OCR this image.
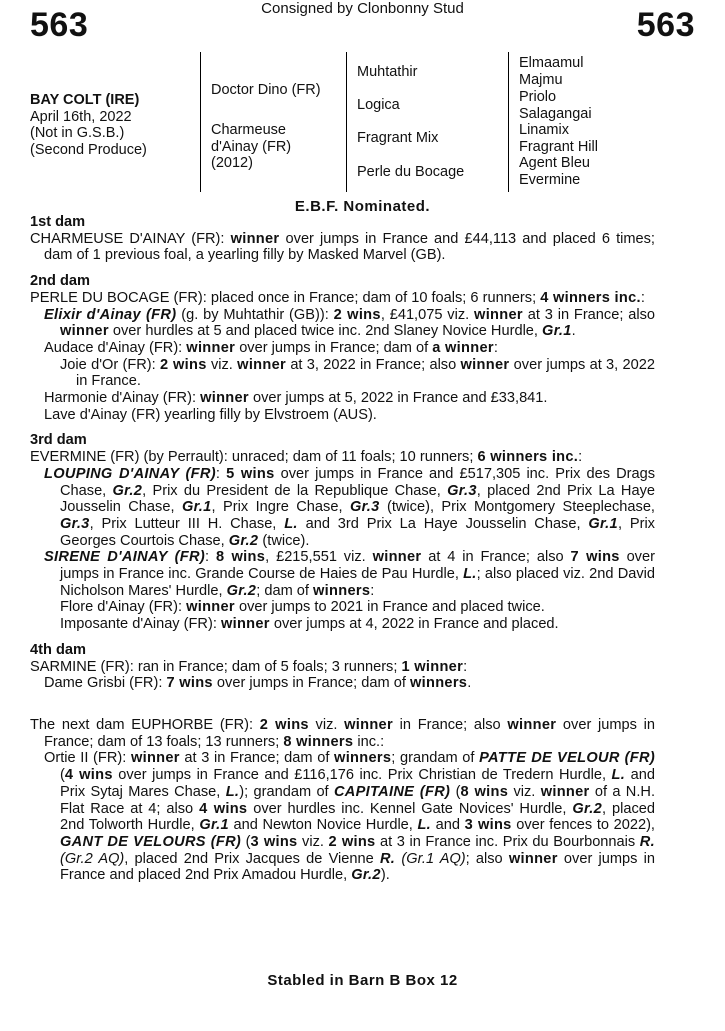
563	Consigned by Clonbonny Stud	563
BAY COLT (IRE)
April 16th, 2022
(Not in G.S.B.)
(Second Produce)
Doctor Dino (FR)
Charmeuse
d'Ainay (FR)
(2012)
Muhtathir
Logica
Fragrant Mix
Perle du Bocage
Elmaamul
Majmu
Priolo
Salagangai
Linamix
Fragrant Hill
Agent Bleu
Evermine
E.B.F. Nominated.
1st dam

CHARMEUSE D'AINAY (FR): winner over jumps in France and £44,113 and placed 6 times; dam of 1 previous foal, a yearling filly by Masked Marvel (GB).

2nd dam

PERLE DU BOCAGE (FR): placed once in France; dam of 10 foals; 6 runners; 4 winners inc.:

Elixir d'Ainay (FR) (g. by Muhtathir (GB)): 2 wins, £41,075 viz. winner at 3 in France; also winner over hurdles at 5 and placed twice inc. 2nd Slaney Novice Hurdle, Gr.1.

Audace d'Ainay (FR): winner over jumps in France; dam of a winner:

Joie d'Or (FR): 2 wins viz. winner at 3, 2022 in France; also winner over jumps at 3, 2022 in France.

Harmonie d'Ainay (FR): winner over jumps at 5, 2022 in France and £33,841.

Lave d'Ainay (FR) yearling filly by Elvstroem (AUS).

3rd dam

EVERMINE (FR) (by Perrault): unraced; dam of 11 foals; 10 runners; 6 winners inc.:

LOUPING D'AINAY (FR): 5 wins over jumps in France and £517,305 inc. Prix des Drags Chase, Gr.2, Prix du President de la Republique Chase, Gr.3, placed 2nd Prix La Haye Jousselin Chase, Gr.1, Prix Ingre Chase, Gr.3 (twice), Prix Montgomery Steeplechase, Gr.3, Prix Lutteur III H. Chase, L. and 3rd Prix La Haye Jousselin Chase, Gr.1, Prix Georges Courtois Chase, Gr.2 (twice).

SIRENE D'AINAY (FR): 8 wins, £215,551 viz. winner at 4 in France; also 7 wins over jumps in France inc. Grande Course de Haies de Pau Hurdle, L.; also placed viz. 2nd David Nicholson Mares' Hurdle, Gr.2; dam of winners:

Flore d'Ainay (FR): winner over jumps to 2021 in France and placed twice.

Imposante d'Ainay (FR): winner over jumps at 4, 2022 in France and placed.

4th dam

SARMINE (FR): ran in France; dam of 5 foals; 3 runners; 1 winner:

Dame Grisbi (FR): 7 wins over jumps in France; dam of winners.

The next dam EUPHORBE (FR): 2 wins viz. winner in France; also winner over jumps in France; dam of 13 foals; 13 runners; 8 winners inc.:

Ortie II (FR): winner at 3 in France; dam of winners; grandam of PATTE DE VELOUR (FR) (4 wins over jumps in France and £116,176 inc. Prix Christian de Tredern Hurdle, L. and Prix Sytaj Mares Chase, L.); grandam of CAPITAINE (FR) (8 wins viz. winner of a N.H. Flat Race at 4; also 4 wins over hurdles inc. Kennel Gate Novices' Hurdle, Gr.2, placed 2nd Tolworth Hurdle, Gr.1 and Newton Novice Hurdle, L. and 3 wins over fences to 2022), GANT DE VELOURS (FR) (3 wins viz. 2 wins at 3 in France inc. Prix du Bourbonnais R. (Gr.2 AQ), placed 2nd Prix Jacques de Vienne R. (Gr.1 AQ); also winner over jumps in France and placed 2nd Prix Amadou Hurdle, Gr.2).

Stabled in Barn B Box 12
